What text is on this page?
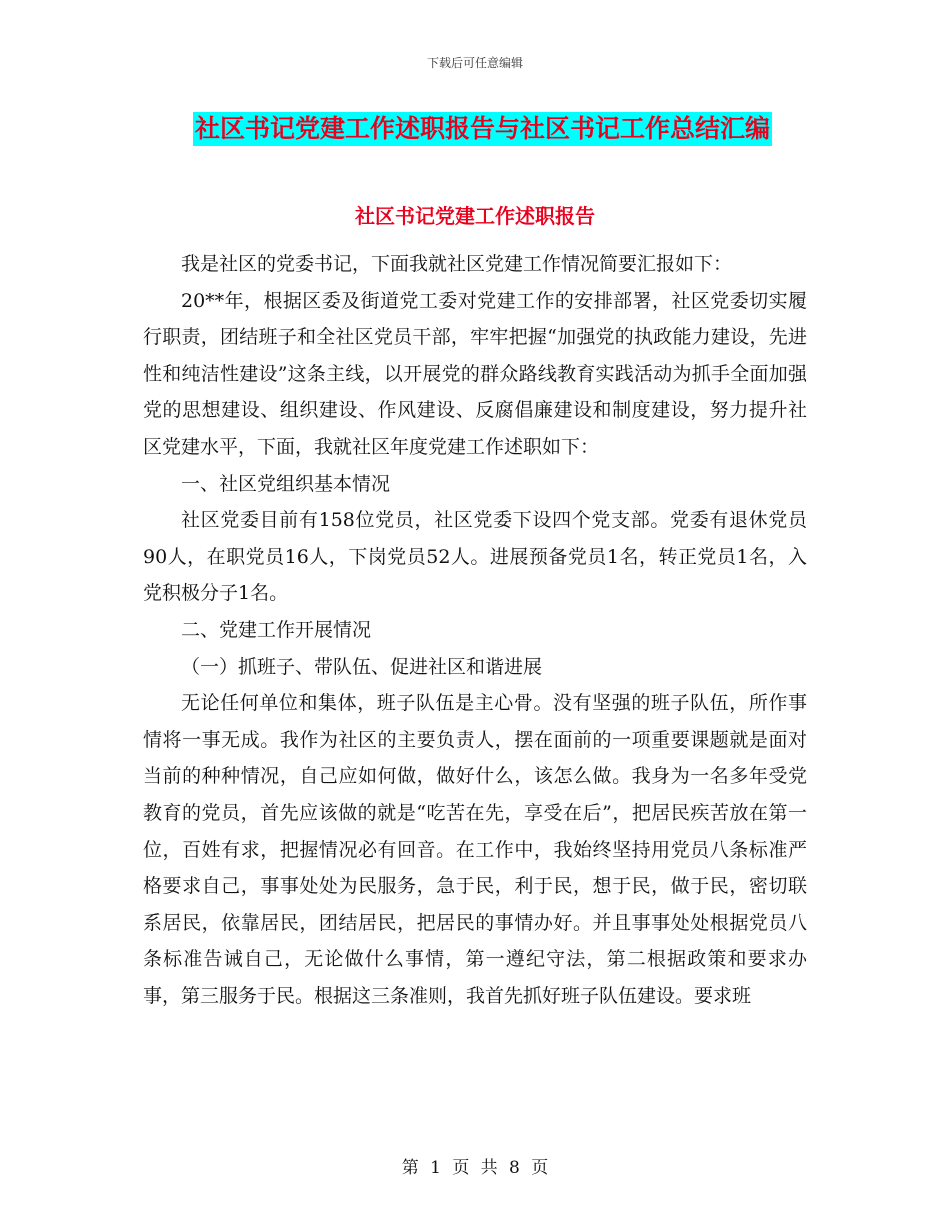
下载后可任意编辑
社区书记党建工作述职报告与社区书记工作总结汇编
社区书记党建工作述职报告

我是社区的党委书记，下面我就社区党建工作情况简要汇报如下：

20**年，根据区委及街道党工委对党建工作的安排部署，社区党委切实履行职责，团结班子和全社区党员干部，牢牢把握“加强党的执政能力建设，先进性和纯洁性建设”这条主线，以开展党的群众路线教育实践活动为抓手全面加强党的思想建设、组织建设、作风建设、反腐倡廉建设和制度建设，努力提升社区党建水平，下面，我就社区年度党建工作述职如下：

一、社区党组织基本情况

社区党委目前有158位党员，社区党委下设四个党支部。党委有退休党员90人，在职党员16人，下岗党员52人。进展预备党员1名，转正党员1名，入党积极分子1名。

二、党建工作开展情况

（一）抓班子、带队伍、促进社区和谐进展

无论任何单位和集体，班子队伍是主心骨。没有坚强的班子队伍，所作事情将一事无成。我作为社区的主要负责人，摆在面前的一项重要课题就是面对当前的种种情况，自己应如何做，做好什么，该怎么做。我身为一名多年受党教育的党员，首先应该做的就是“吃苦在先，享受在后”，把居民疾苦放在第一位，百姓有求，把握情况必有回音。在工作中，我始终坚持用党员八条标准严格要求自己，事事处处为民服务，急于民，利于民，想于民，做于民，密切联系居民，依靠居民，团结居民，把居民的事情办好。并且事事处处根据党员八条标准告诫自己，无论做什么事情，第一遵纪守法，第二根据政策和要求办事，第三服务于民。根据这三条准则，我首先抓好班子队伍建设。要求班

第 1 页 共 8 页
